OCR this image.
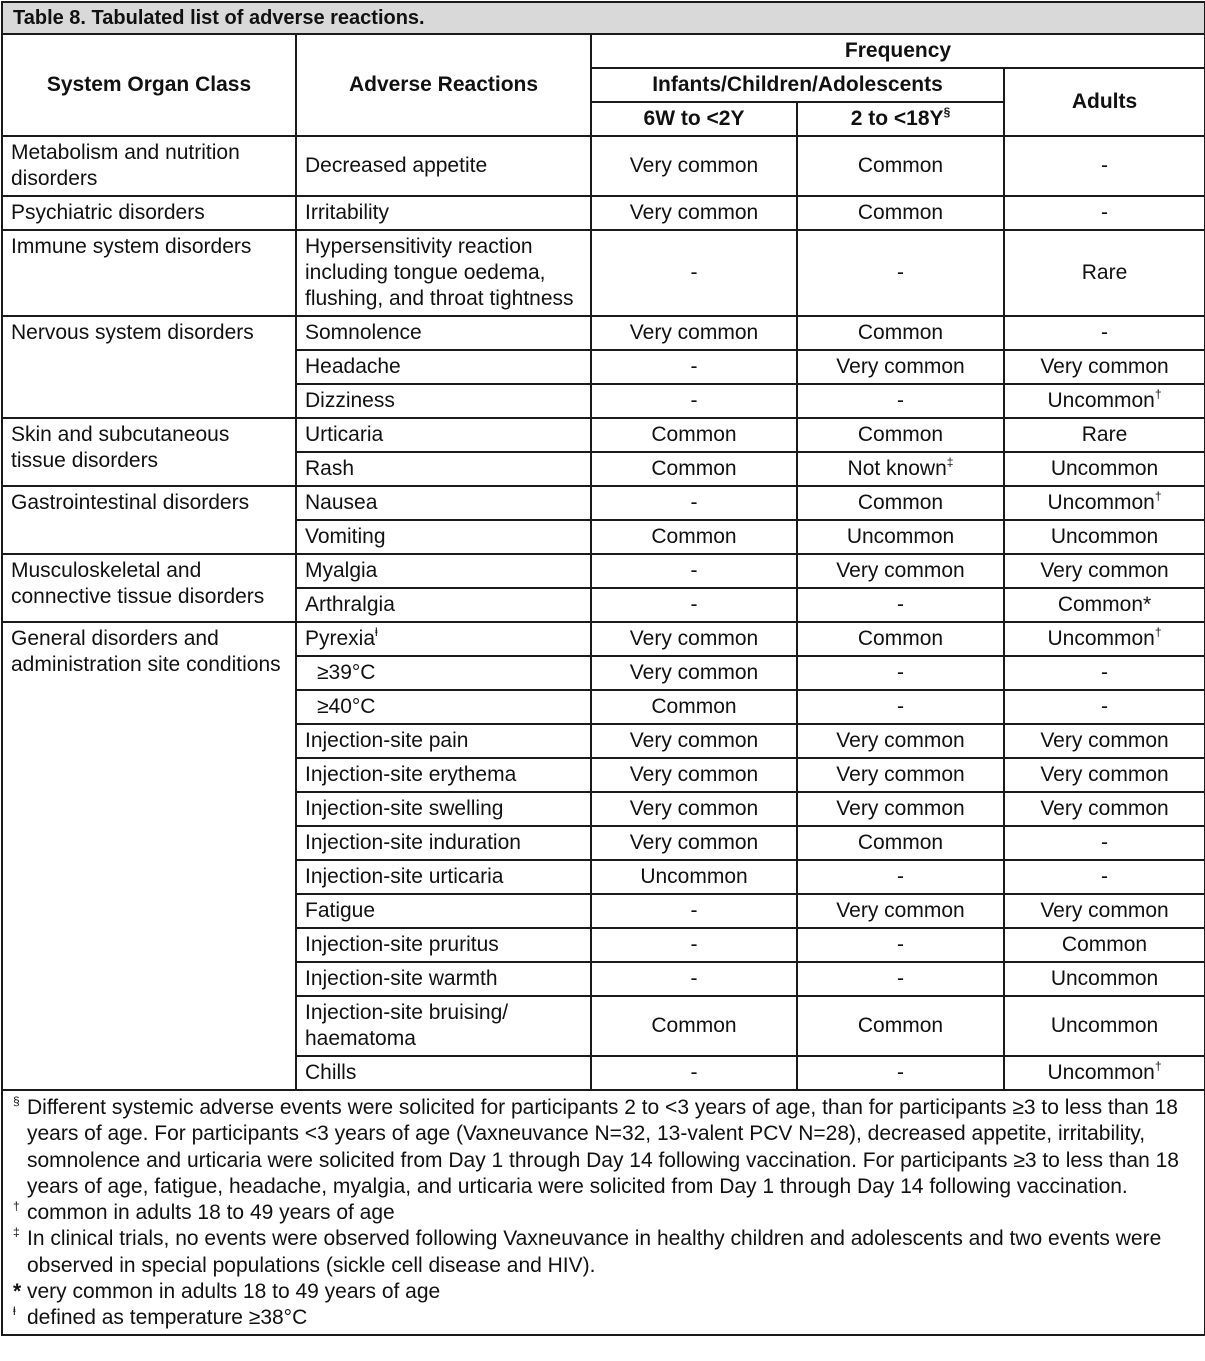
Table 8. Tabulated list of adverse reactions.				
System Organ Class	Adverse Reactions	Frequency		
		Infants/Children/Adolescents		Adults
		6W to <2Y	2 to <18Y§
Metabolism and nutrition disorders	Decreased appetite	Very common	Common	-
Psychiatric disorders	Irritability	Very common	Common	-
Immune system disorders	Hypersensitivity reaction including tongue oedema, flushing, and throat tightness	-	-	Rare
Nervous system disorders	Somnolence	Very common	Common	-
	Headache	-	Very common	Very common
	Dizziness	-	-	Uncommon†
Skin and subcutaneous tissue disorders	Urticaria	Common	Common	Rare
	Rash	Common	Not known‡	Uncommon
Gastrointestinal disorders	Nausea	-	Common	Uncommon†
	Vomiting	Common	Uncommon	Uncommon
Musculoskeletal and connective tissue disorders	Myalgia	-	Very common	Very common
	Arthralgia	-	-	Common*
General disorders and administration site conditions	Pyrexia$^ⱡ$	Very common	Common	Uncommon†
	≥39°C	Very common	-	-
	≥40°C	Common	-	-
	Injection-site pain	Very common	Very common	Very common
	Injection-site erythema	Very common	Very common	Very common
	Injection-site swelling	Very common	Very common	Very common
	Injection-site induration	Very common	Common	-
	Injection-site urticaria	Uncommon	-	-
	Fatigue	-	Very common	Very common
	Injection-site pruritus	-	-	Common
	Injection-site warmth	-	-	Uncommon
	Injection-site bruising/ haematoma	Common	Common	Uncommon
	Chills	-	-	Uncommon†

§ Different systemic adverse events were solicited for participants 2 to <3 years of age, than for participants ≥3 to less than 18 years of age. For participants <3 years of age (Vaxneuvance N=32, 13-valent PCV N=28), decreased appetite, irritability, somnolence and urticaria were solicited from Day 1 through Day 14 following vaccination. For participants ≥3 to less than 18 years of age, fatigue, headache, myalgia, and urticaria were solicited from Day 1 through Day 14 following vaccination.
† common in adults 18 to 49 years of age
‡ In clinical trials, no events were observed following Vaxneuvance in healthy children and adolescents and two events were observed in special populations (sickle cell disease and HIV).
* very common in adults 18 to 49 years of age
ⱡ defined as temperature ≥38°C				
